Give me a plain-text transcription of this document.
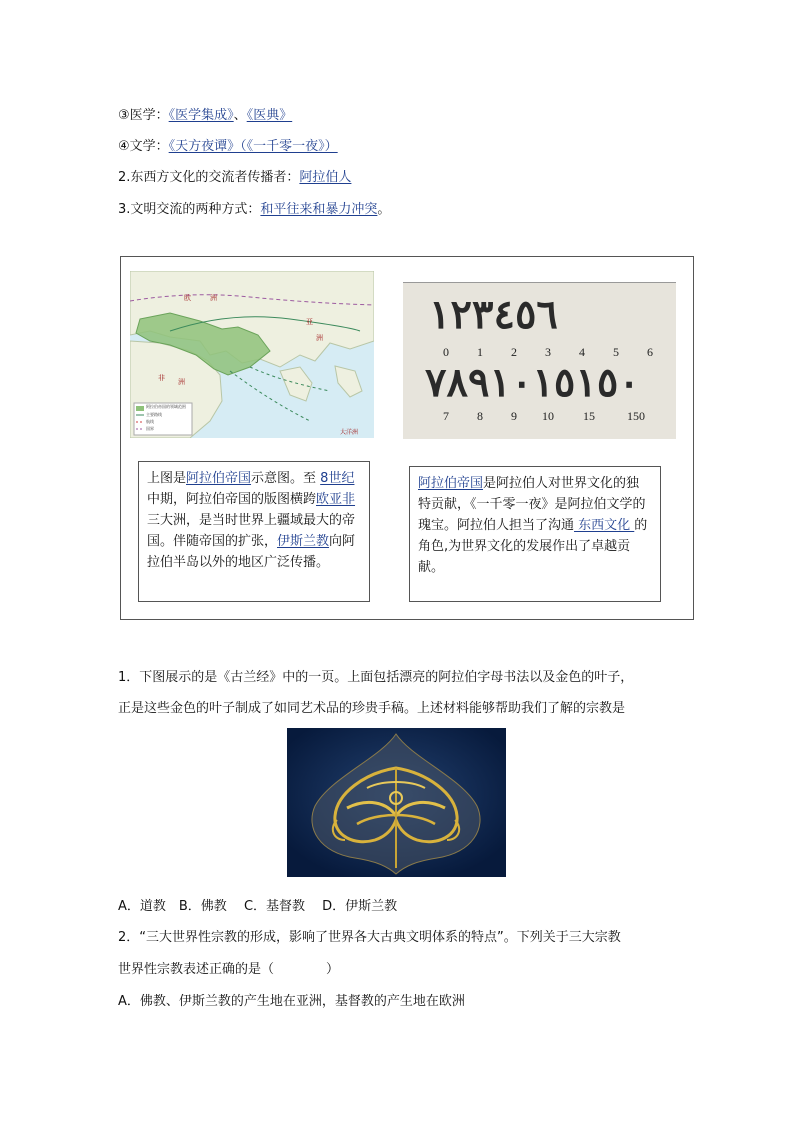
③医学：《医学集成》、《医典》
④文学：《天方夜谭》（《一千零一夜》）
2.东西方文化的交流者传播者：阿拉伯人
3.文明交流的两种方式：和平往来和暴力冲突。
欧	洲
亚
洲
非 洲
大洋洲
阿拉伯帝国的领域范围
主要路线
航线
国界
١٢٣٤٥٦
0	1	2	3	4	5	6
٧٨٩١٠١٥١٥٠
7	8	9	10	15	150
上图是阿拉伯帝国示意图。至 8世纪中期，阿拉伯帝国的版图横跨欧亚非三大洲，是当时世界上疆域最大的帝国。伴随帝国的扩张，伊斯兰教向阿拉伯半岛以外的地区广泛传播。
阿拉伯帝国是阿拉伯人对世界文化的独特贡献，《一千零一夜》是阿拉伯文学的瑰宝。阿拉伯人担当了沟通 东西文化 的角色,为世界文化的发展作出了卓越贡献。
1．下图展示的是《古兰经》中的一页。上面包括漂亮的阿拉伯字母书法以及金色的叶子，
正是这些金色的叶子制成了如同艺术品的珍贵手稿。上述材料能够帮助我们了解的宗教是
A．道教　B．佛教　 C．基督教　 D．伊斯兰教
2．“三大世界性宗教的形成，影响了世界各大古典文明体系的特点”。下列关于三大宗教
世界性宗教表述正确的是（　　　　）
A．佛教、伊斯兰教的产生地在亚洲，基督教的产生地在欧洲
